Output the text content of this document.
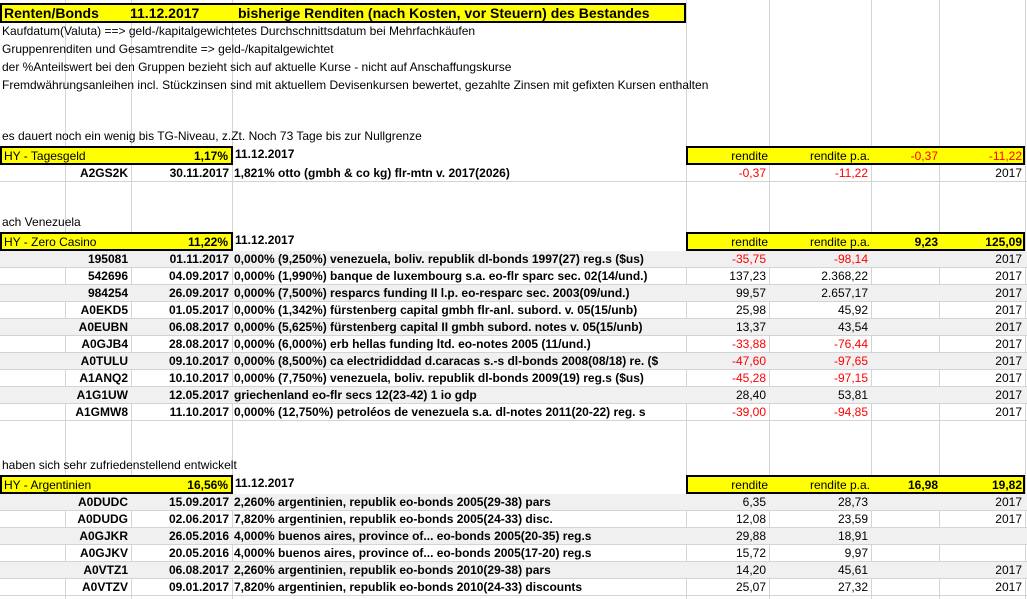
Renten/Bonds 11.12.2017	bisherige Renditen (nach Kosten, vor Steuern) des Bestandes
Kaufdatum(Valuta) ==> geld-/kapitalgewichtetes Durchschnittsdatum bei Mehrfachkäufen
Gruppenrenditen und Gesamtrendite => geld-/kapitalgewichtet
der %Anteilswert bei den Gruppen bezieht sich auf aktuelle Kurse - nicht auf Anschaffungskurse
Fremdwährungsanleihen incl. Stückzinsen sind mit aktuellem Devisenkursen bewertet, gezahlte Zinsen mit gefixten Kursen enthalten
es dauert noch ein wenig bis TG-Niveau, z.Zt. Noch 73 Tage bis zur Nullgrenze
HY - Tagesgeld	1,17% 11.12.2017	rendite	rendite p.a.	-0,37	-11,22
A2GS2K	30.11.2017 1,821% otto (gmbh & co kg) flr-mtn v. 2017(2026)	-0,37	-11,22	2017
ach Venezuela
HY - Zero Casino	11,22% 11.12.2017	rendite	rendite p.a.	9,23	125,09
195081	01.11.2017 0,000% (9,250%) venezuela, boliv. republik dl-bonds 1997(27) reg.s ($us)	-35,75	-98,14	2017
542696	04.09.2017 0,000% (1,990%) banque de luxembourg s.a. eo-flr sparc sec. 02(14/und.)	137,23	2.368,22	2017
984254	26.09.2017 0,000% (7,500%) resparcs funding II l.p. eo-resparc sec. 2003(09/und.)	99,57	2.657,17	2017
A0EKD5	01.05.2017 0,000% (1,342%) fürstenberg capital gmbh flr-anl. subord. v. 05(15/unb)	25,98	45,92	2017
A0EUBN	06.08.2017 0,000% (5,625%) fürstenberg capital II gmbh subord. notes v. 05(15/unb)	13,37	43,54	2017
A0GJB4	28.08.2017 0,000% (6,000%) erb hellas funding ltd. eo-notes 2005 (11/und.)	-33,88	-76,44	2017
A0TULU	09.10.2017 0,000% (8,500%) ca electrididdad d.caracas s.-s dl-bonds 2008(08/18) re. ($	-47,60	-97,65	2017
A1ANQ2	10.10.2017 0,000% (7,750%) venezuela, boliv. republik dl-bonds 2009(19) reg.s ($us)	-45,28	-97,15	2017
A1G1UW	12.05.2017 griechenland eo-flr secs 12(23-42) 1 io gdp	28,40	53,81	2017
A1GMW8	11.10.2017 0,000% (12,750%) petroléos de venezuela s.a. dl-notes 2011(20-22) reg. s	-39,00	-94,85	2017
haben sich sehr zufriedenstellend entwickelt
HY - Argentinien	16,56% 11.12.2017	rendite	rendite p.a.	16,98	19,82
A0DUDC	15.09.2017 2,260% argentinien, republik eo-bonds 2005(29-38) pars	6,35	28,73	2017
A0DUDG	02.06.2017 7,820% argentinien, republik eo-bonds 2005(24-33) disc.	12,08	23,59	2017
A0GJKR	26.05.2016 4,000% buenos aires, province of... eo-bonds 2005(20-35) reg.s	29,88	18,91
A0GJKV	20.05.2016 4,000% buenos aires, province of... eo-bonds 2005(17-20) reg.s	15,72	9,97
A0VTZ1	06.08.2017 2,260% argentinien, republik eo-bonds 2010(29-38) pars	14,20	45,61	2017
A0VTZV	09.01.2017 7,820% argentinien, republik eo-bonds 2010(24-33) discounts	25,07	27,32	2017
